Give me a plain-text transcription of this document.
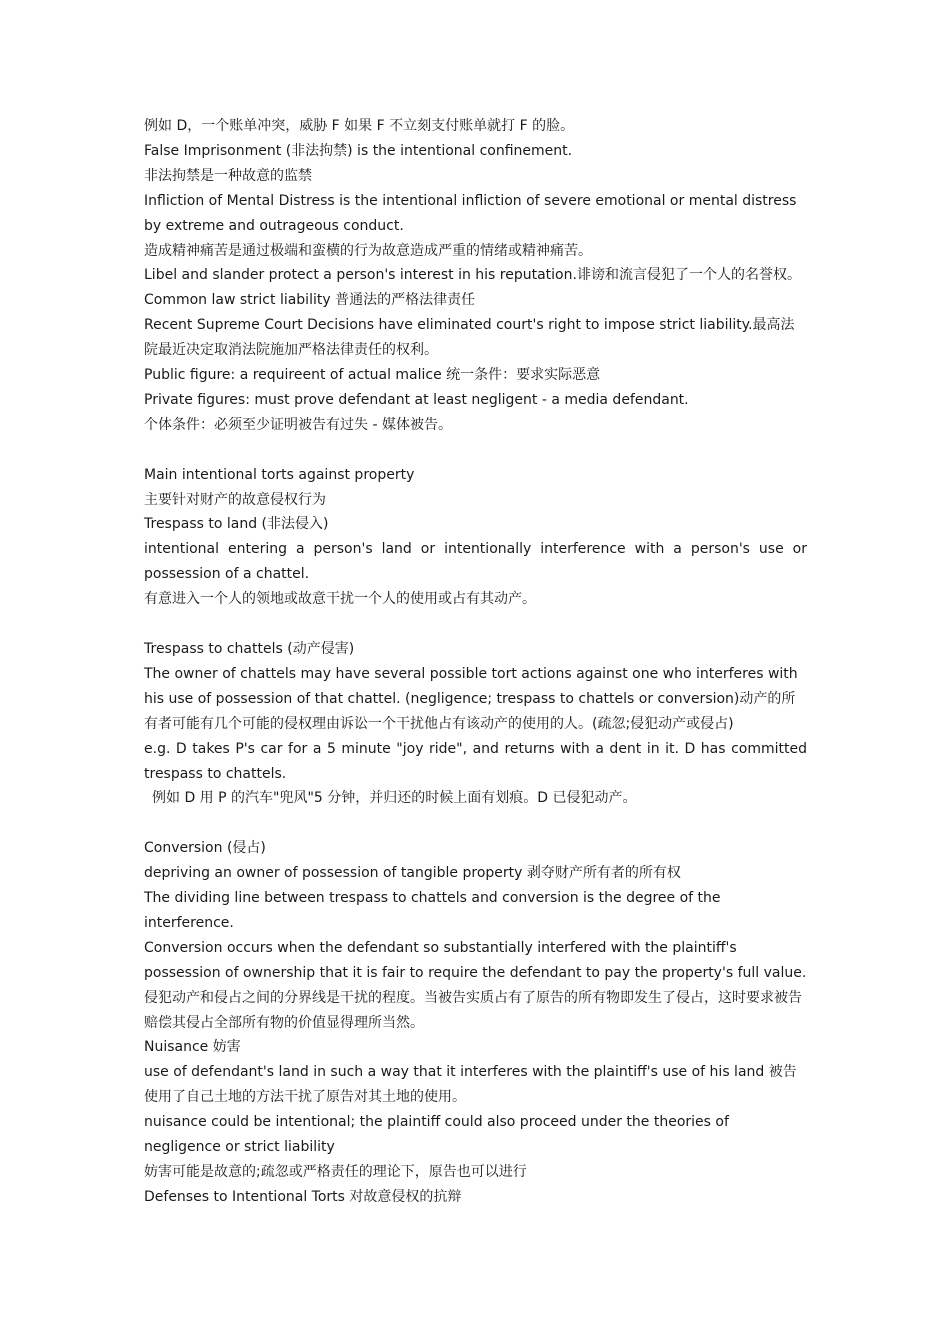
例如 D，一个账单冲突，威胁 F 如果 F 不立刻支付账单就打 F 的脸。

False Imprisonment (非法拘禁) is the intentional confinement.

非法拘禁是一种故意的监禁

Infliction of Mental Distress is the intentional infliction of severe emotional or mental distress by extreme and outrageous conduct.

造成精神痛苦是通过极端和蛮横的行为故意造成严重的情绪或精神痛苦。

Libel and slander protect a person's interest in his reputation.诽谤和流言侵犯了一个人的名誉权。

Common law strict liability 普通法的严格法律责任

Recent Supreme Court Decisions have eliminated court's right to impose strict liability.最高法院最近决定取消法院施加严格法律责任的权利。

Public figure: a requireent of actual malice 统一条件：要求实际恶意

Private figures: must prove defendant at least negligent - a media defendant.

个体条件：必须至少证明被告有过失 - 媒体被告。

Main intentional torts against property

主要针对财产的故意侵权行为

Trespass to land (非法侵入)

intentional entering a person's land or intentionally interference with a person's use or possession of a chattel.

有意进入一个人的领地或故意干扰一个人的使用或占有其动产。

Trespass to chattels (动产侵害)

The owner of chattels may have several possible tort actions against one who interferes with his use of possession of that chattel. (negligence; trespass to chattels or conversion)动产的所有者可能有几个可能的侵权理由诉讼一个干扰他占有该动产的使用的人。(疏忽;侵犯动产或侵占)

e.g. D takes P's car for a 5 minute "joy ride", and returns with a dent in it. D has committed trespass to chattels.

例如 D 用 P 的汽车"兜风"5 分钟，并归还的时候上面有划痕。D 已侵犯动产。

Conversion (侵占)

depriving an owner of possession of tangible property 剥夺财产所有者的所有权

The dividing line between trespass to chattels and conversion is the degree of the interference.

Conversion occurs when the defendant so substantially interfered with the plaintiff's possession of ownership that it is fair to require the defendant to pay the property's full value.

侵犯动产和侵占之间的分界线是干扰的程度。当被告实质占有了原告的所有物即发生了侵占，这时要求被告赔偿其侵占全部所有物的价值显得理所当然。

Nuisance 妨害

use of defendant's land in such a way that it interferes with the plaintiff's use of his land 被告使用了自己土地的方法干扰了原告对其土地的使用。

nuisance could be intentional; the plaintiff could also proceed under the theories of negligence or strict liability

妨害可能是故意的;疏忽或严格责任的理论下，原告也可以进行

Defenses to Intentional Torts 对故意侵权的抗辩
